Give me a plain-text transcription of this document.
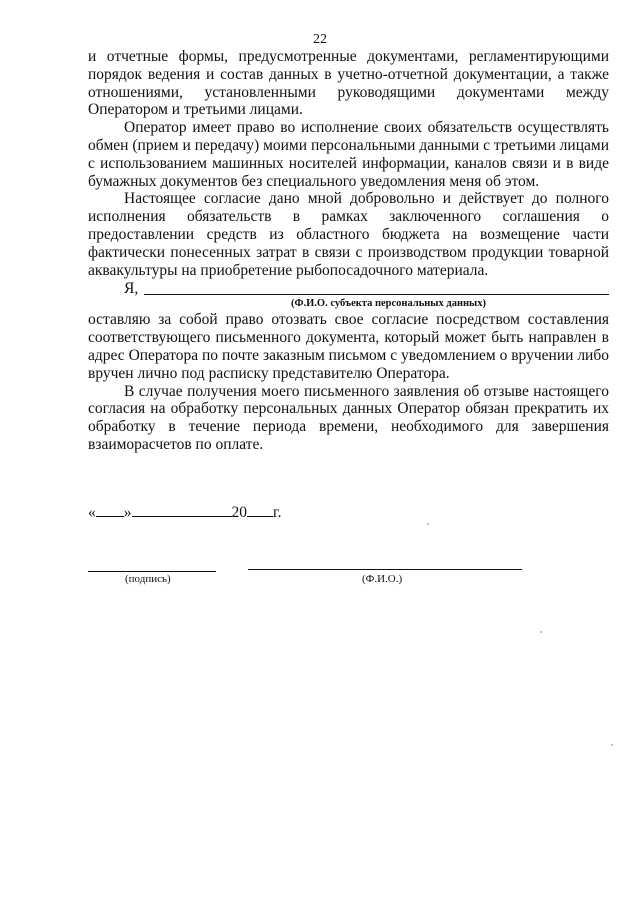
22

и отчетные формы, предусмотренные документами, регламентирующими порядок ведения и состав данных в учетно-отчетной документации, а также отношениями, установленными руководящими документами между Оператором и третьими лицами.

Оператор имеет право во исполнение своих обязательств осуществлять обмен (прием и передачу) моими персональными данными с третьими лицами с использованием машинных носителей информации, каналов связи и в виде бумажных документов без специального уведомления меня об этом.

Настоящее согласие дано мной добровольно и действует до полного исполнения обязательств в рамках заключенного соглашения о предоставлении средств из областного бюджета на возмещение части фактически понесенных затрат в связи с производством продукции товарной аквакультуры на приобретение рыбопосадочного материала.

Я,
(Ф.И.О. субъекта персональных данных)

оставляю за собой право отозвать свое согласие посредством составления соответствующего письменного документа, который может быть направлен в адрес Оператора по почте заказным письмом с уведомлением о вручении либо вручен лично под расписку представителю Оператора.

В случае получения моего письменного заявления об отзыве настоящего согласия на обработку персональных данных Оператор обязан прекратить их обработку в течение периода времени, необходимого для завершения взаиморасчетов по оплате.

« »	20 г.
(подпись)	(Ф.И.О.)
